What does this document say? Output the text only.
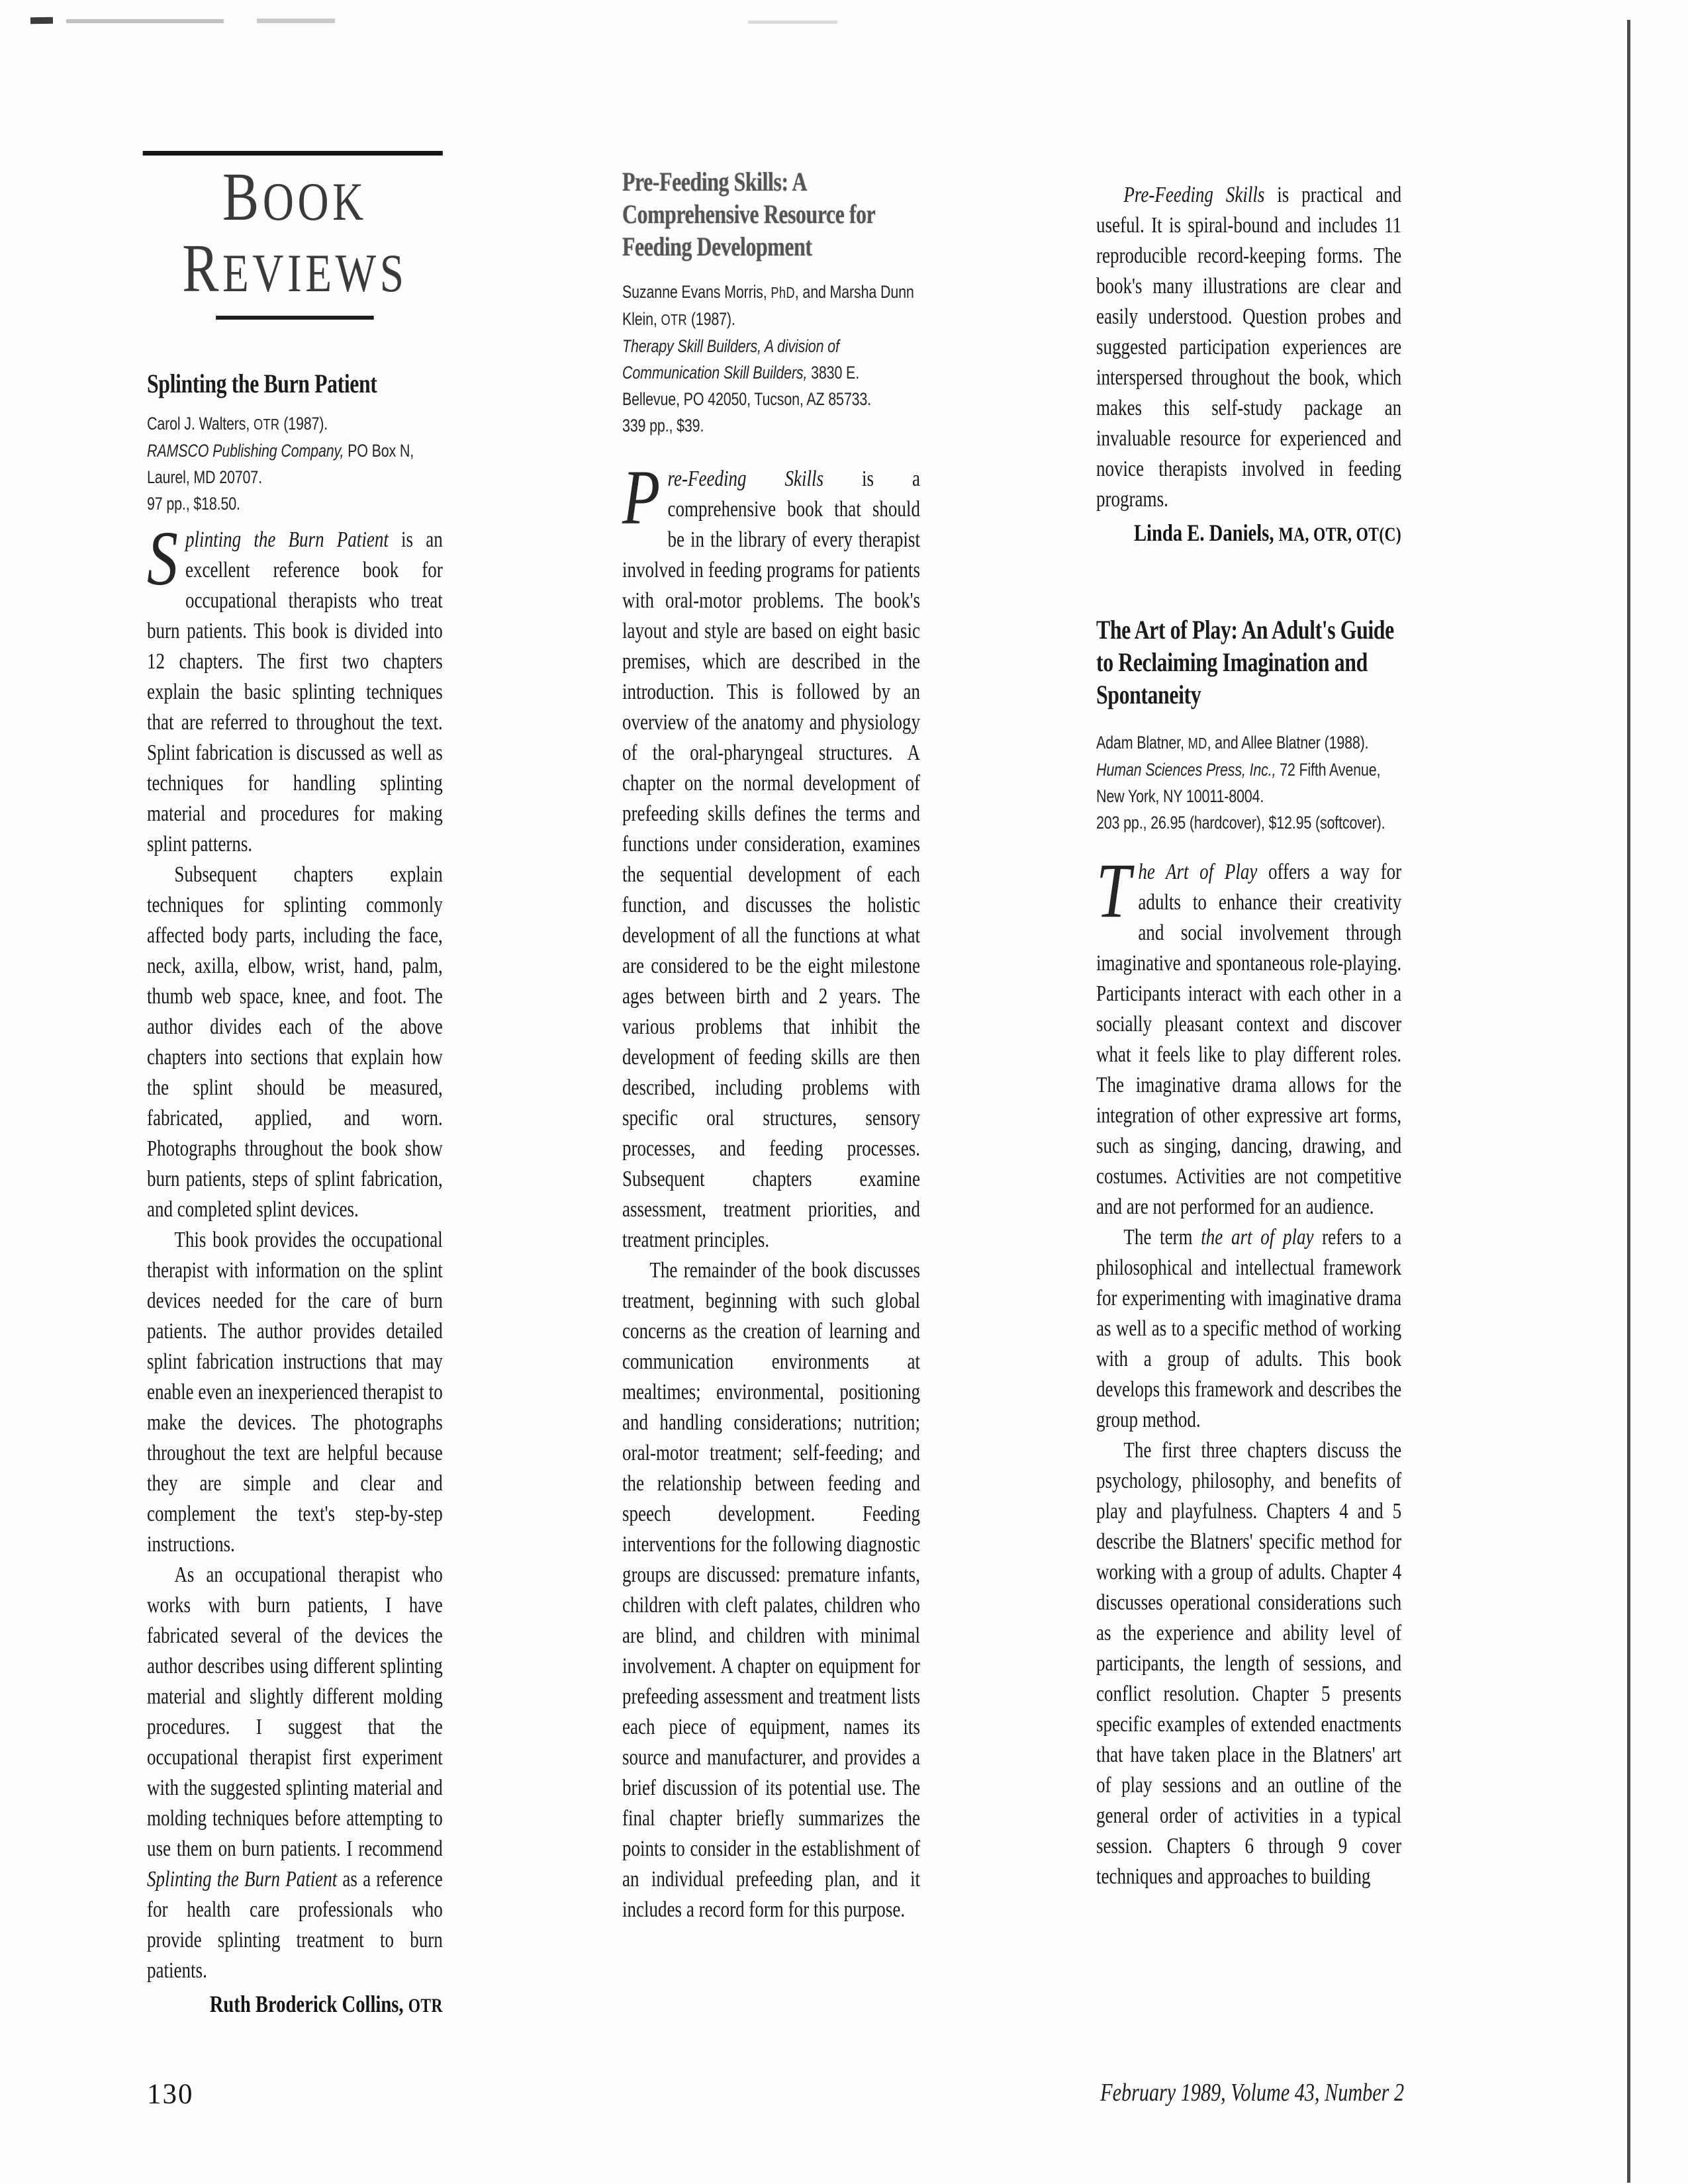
BOOK
REVIEWS
Splinting the Burn Patient
Carol J. Walters, OTR (1987).
RAMSCO Publishing Company, PO Box N, Laurel, MD 20707.
97 pp., $18.50.

Splinting the Burn Patient is an excellent reference book for occupational therapists who treat burn patients. This book is divided into 12 chapters. The first two chapters explain the basic splinting techniques that are referred to throughout the text. Splint fabrication is discussed as well as techniques for handling splinting material and procedures for making splint patterns.

Subsequent chapters explain techniques for splinting commonly affected body parts, including the face, neck, axilla, elbow, wrist, hand, palm, thumb web space, knee, and foot. The author divides each of the above chapters into sections that explain how the splint should be measured, fabricated, applied, and worn. Photographs throughout the book show burn patients, steps of splint fabrication, and completed splint devices.

This book provides the occupational therapist with information on the splint devices needed for the care of burn patients. The author provides detailed splint fabrication instructions that may enable even an inexperienced therapist to make the devices. The photographs throughout the text are helpful because they are simple and clear and complement the text's step-by-step instructions.

As an occupational therapist who works with burn patients, I have fabricated several of the devices the author describes using different splinting material and slightly different molding procedures. I suggest that the occupational therapist first experiment with the suggested splinting material and molding techniques before attempting to use them on burn patients. I recommend Splinting the Burn Patient as a reference for health care professionals who provide splinting treatment to burn patients.

Ruth Broderick Collins, OTR
Pre-Feeding Skills: A Comprehensive Resource for Feeding Development
Suzanne Evans Morris, PhD, and Marsha Dunn Klein, OTR (1987).
Therapy Skill Builders, A division of Communication Skill Builders, 3830 E. Bellevue, PO 42050, Tucson, AZ 85733.
339 pp., $39.

Pre-Feeding Skills is a comprehensive book that should be in the library of every therapist involved in feeding programs for patients with oral-motor problems. The book's layout and style are based on eight basic premises, which are described in the introduction. This is followed by an overview of the anatomy and physiology of the oral-pharyngeal structures. A chapter on the normal development of prefeeding skills defines the terms and functions under consideration, examines the sequential development of each function, and discusses the holistic development of all the functions at what are considered to be the eight milestone ages between birth and 2 years. The various problems that inhibit the development of feeding skills are then described, including problems with specific oral structures, sensory processes, and feeding processes. Subsequent chapters examine assessment, treatment priorities, and treatment principles.

The remainder of the book discusses treatment, beginning with such global concerns as the creation of learning and communication environments at mealtimes; environmental, positioning and handling considerations; nutrition; oral-motor treatment; self-feeding; and the relationship between feeding and speech development. Feeding interventions for the following diagnostic groups are discussed: premature infants, children with cleft palates, children who are blind, and children with minimal involvement. A chapter on equipment for prefeeding assessment and treatment lists each piece of equipment, names its source and manufacturer, and provides a brief discussion of its potential use. The final chapter briefly summarizes the points to consider in the establishment of an individual prefeeding plan, and it includes a record form for this purpose.

Pre-Feeding Skills is practical and useful. It is spiral-bound and includes 11 reproducible record-keeping forms. The book's many illustrations are clear and easily understood. Question probes and suggested participation experiences are interspersed throughout the book, which makes this self-study package an invaluable resource for experienced and novice therapists involved in feeding programs.

Linda E. Daniels, MA, OTR, OT(C)
The Art of Play: An Adult's Guide to Reclaiming Imagination and Spontaneity
Adam Blatner, MD, and Allee Blatner (1988).
Human Sciences Press, Inc., 72 Fifth Avenue, New York, NY 10011-8004.
203 pp., 26.95 (hardcover), $12.95 (softcover).

The Art of Play offers a way for adults to enhance their creativity and social involvement through imaginative and spontaneous role-playing. Participants interact with each other in a socially pleasant context and discover what it feels like to play different roles. The imaginative drama allows for the integration of other expressive art forms, such as singing, dancing, drawing, and costumes. Activities are not competitive and are not performed for an audience.

The term the art of play refers to a philosophical and intellectual framework for experimenting with imaginative drama as well as to a specific method of working with a group of adults. This book develops this framework and describes the group method.

The first three chapters discuss the psychology, philosophy, and benefits of play and playfulness. Chapters 4 and 5 describe the Blatners' specific method for working with a group of adults. Chapter 4 discusses operational considerations such as the experience and ability level of participants, the length of sessions, and conflict resolution. Chapter 5 presents specific examples of extended enactments that have taken place in the Blatners' art of play sessions and an outline of the general order of activities in a typical session. Chapters 6 through 9 cover techniques and approaches to building

130	February 1989, Volume 43, Number 2
